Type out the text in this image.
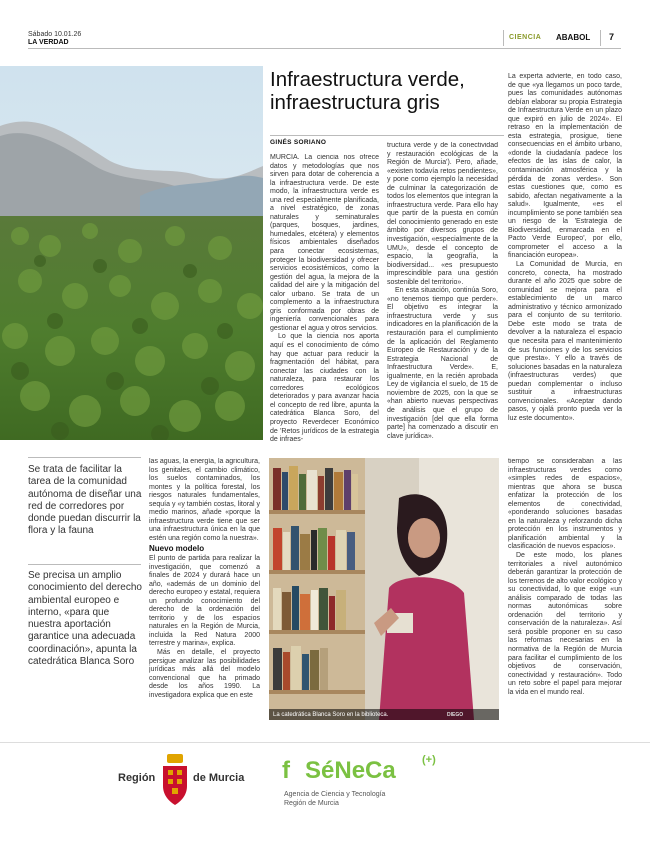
Sábado 10.01.26
LA VERDAD
CIENCIA ABABOL 7
Infraestructura verde,
infraestructura gris
GINÉS SORIANO

MURCIA. La ciencia nos ofrece datos y metodologías que nos sirven para dotar de coherencia a la infraestructura verde. De este modo, la infraestructura verde es una red especialmente planificada, a nivel estratégico, de zonas naturales y seminaturales (parques, bosques, jardines, humedales, etcétera) y elementos físicos ambientales diseñados para conectar ecosistemas, proteger la biodiversidad y ofrecer servicios ecosistémicos, como la gestión del agua, la mejora de la calidad del aire y la mitigación del calor urbano. Se trata de un complemento a la infraestructura gris conformada por obras de ingeniería convencionales para gestionar el agua y otros servicios.

Lo que la ciencia nos aporta aquí es el conocimiento de cómo hay que actuar para reducir la fragmentación del hábitat, para conectar las ciudades con la naturaleza, para restaurar los corredores ecológicos deteriorados y para avanzar hacia el concepto de red libre, apunta la catedrática Blanca Soro, del proyecto Reverdecer Económico de 'Retos jurídicos de la estrategia de infraes-

tructura verde y de la conectividad y restauración ecológicas de la Región de Murcia'). Pero, añade, «existen todavía retos pendientes», y pone como ejemplo la necesidad de culminar la categorización de todos los elementos que integran la infraestructura verde. Para ello hay que partir de la puesta en común del conocimiento generado en este ámbito por diversos grupos de investigación, «especialmente de la UMU», desde el concepto de espacio, la geografía, la biodiversidad... «es presupuesto imprescindible para una gestión sostenible del territorio».

En esta situación, continúa Soro, «no tenemos tiempo que perder». El objetivo es integrar la infraestructura verde y sus indicadores en la planificación de la restauración para el cumplimiento de la aplicación del Reglamento Europeo de Restauración y de la Estrategia Nacional de Infraestructura Verde». E, igualmente, en la recién aprobada Ley de vigilancia el suelo, de 15 de noviembre de 2025, con la que se «han abierto nuevas perspectivas de análisis que el grupo de investigación [del que ella forma parte] ha comenzado a discutir en clave jurídica».

La experta advierte, en todo caso, de que «ya llegamos un poco tarde, pues las comunidades autónomas debían elaborar su propia Estrategia de Infraestructura Verde en un plazo que expiró en julio de 2024». El retraso en la implementación de esta estrategia, prosigue, tiene consecuencias en el ámbito urbano, «donde la ciudadanía padece los efectos de las islas de calor, la contaminación atmosférica y la pérdida de zonas verdes». Son estas cuestiones que, como es sabido, afectan negativamente a la salud». Igualmente, «es el incumplimiento se pone también sea un riesgo de la 'Estrategia de Biodiversidad, enmarcada en el Pacto Verde Europeo', por ello, comprometer el acceso a la financiación europea».

La Comunidad de Murcia, en concreto, conecta, ha mostrado durante el año 2025 que sobre de comunidad se mejora para el establecimiento de un marco administrativo y técnico armonizado para el conjunto de su territorio. Debe este modo se trata de devolver a la naturaleza el espacio que necesita para el mantenimiento de sus funciones y de los servicios que presta». Y ello a través de soluciones basadas en la naturaleza (infraestructuras verdes) que puedan complementar o incluso sustituir a infraestructuras convencionales. «Aceptar dando pasos, y ojalá pronto pueda ver la luz este documento».

Se trata de facilitar la tarea de la comunidad autónoma de diseñar una red de corredores por donde puedan discurrir la flora y la fauna
Se precisa un amplio conocimiento del derecho ambiental europeo e interno, «para que nuestra aportación garantice una adecuada coordinación», apunta la catedrática Blanca Soro

las aguas, la energía, la agricultura, los genitales, el cambio climático, los suelos contaminados, los montes y la política forestal, los riesgos naturales fundamentales, sequía y «y también costas, litoral y medio marinos, añade «porque la infraestructura verde tiene que ser una infraestructura única en la que estén una región como la nuestra».

Nuevo modelo

El punto de partida para realizar la investigación, que comenzó a finales de 2024 y durará hace un año, «además de un dominio del derecho europeo y estatal, requiera un profundo conocimiento del derecho de la ordenación del territorio y de los espacios naturales en la Región de Murcia, incluida la Red Natura 2000 terrestre y marina», explica.

Más en detalle, el proyecto persigue analizar las posibilidades jurídicas más allá del modelo convencional que ha primado desde los años 1990. La investigadora explica que en este

La catedrática Blanca Soro en la biblioteca.	DIEGO

tiempo se consideraban a las infraestructuras verdes como «simples redes de espacios», mientras que ahora se busca enfatizar la protección de los elementos de conectividad, «ponderando soluciones basadas en la naturaleza y reforzando dicha protección en los instrumentos y planificación ambiental y la clasificación de nuevos espacios».

De este modo, los planes territoriales a nivel autonómico deberán garantizar la protección de los terrenos de alto valor ecológico y su conectividad, lo que exige «un análisis comparado de todas las normas autonómicas sobre ordenación del territorio y conservación de la naturaleza». Así será posible proponer en su caso las reformas necesarias en la normativa de la Región de Murcia para facilitar el cumplimiento de los objetivos de conservación, conectividad y restauración». Todo un reto sobre el papel para mejorar la vida en el mundo real.

Región	de Murcia f SéNeCa (+)
Agencia de Ciencia y Tecnología
Región de Murcia
